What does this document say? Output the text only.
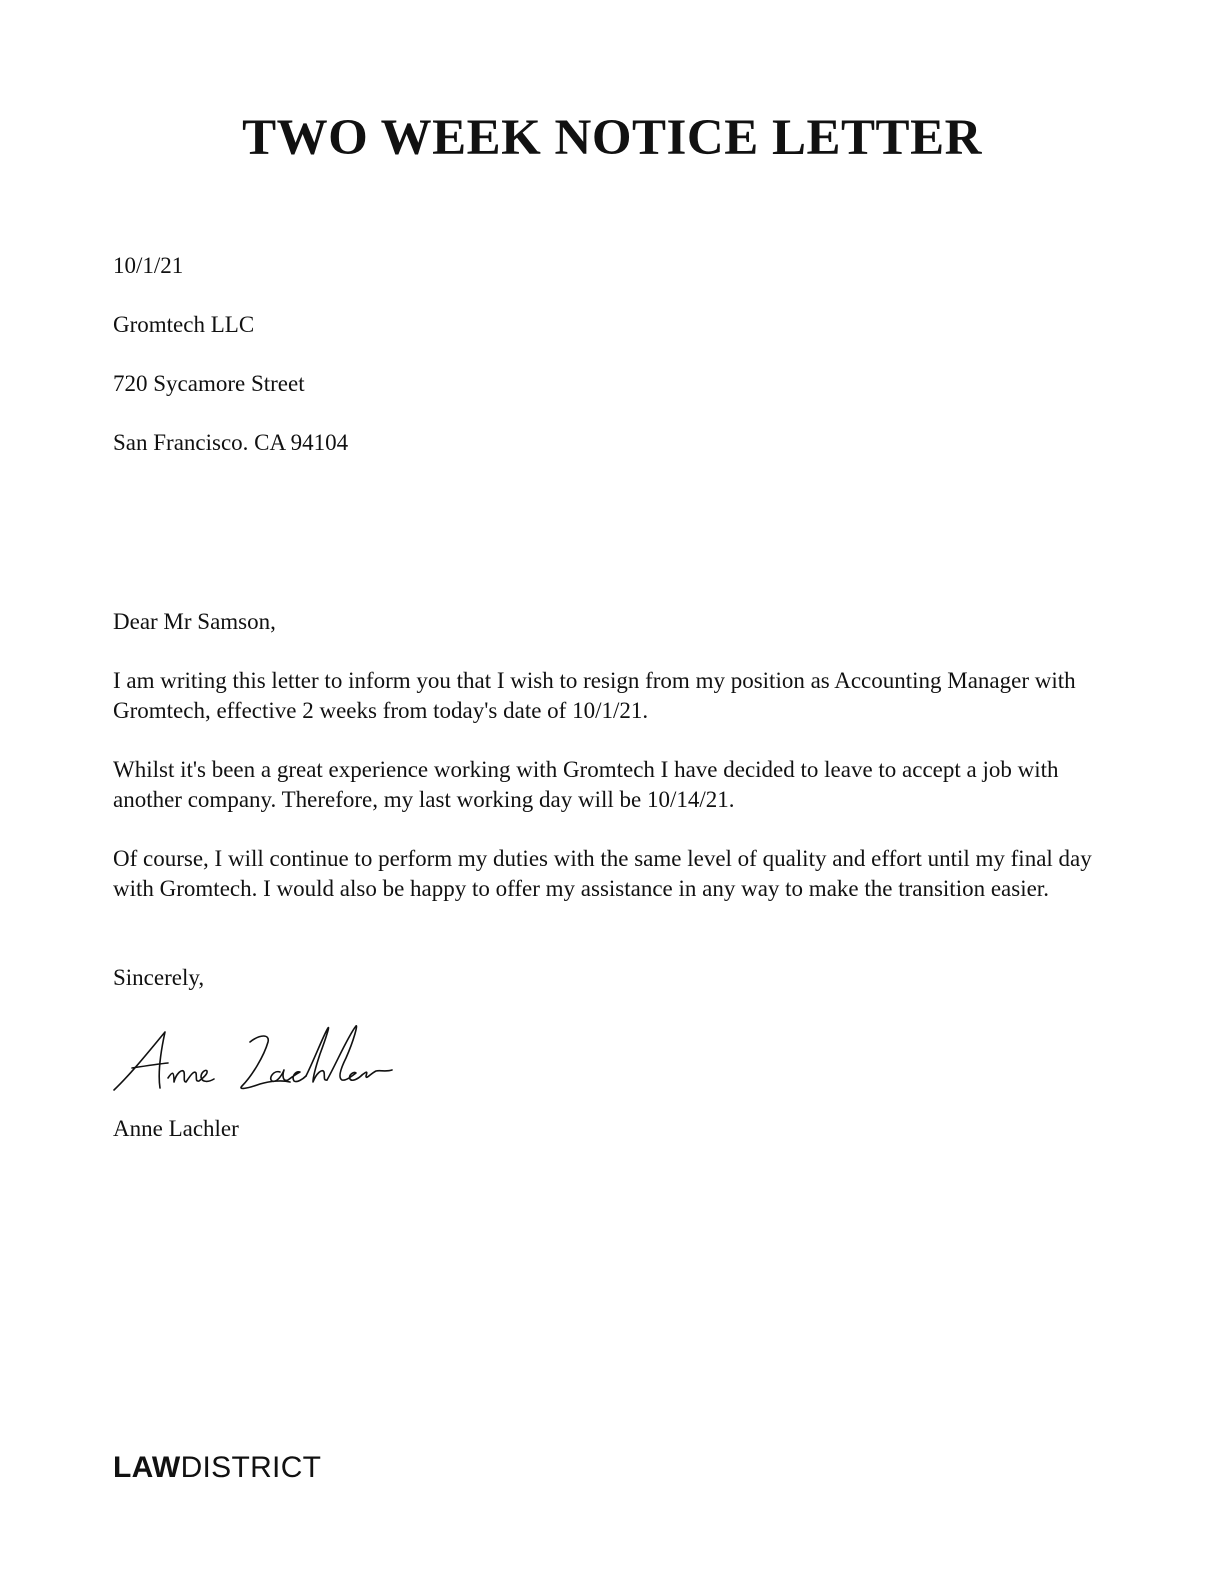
TWO WEEK NOTICE LETTER

10/1/21

Gromtech LLC

720 Sycamore Street

San Francisco. CA 94104

Dear Mr Samson,

I am writing this letter to inform you that I wish to resign from my position as Accounting Manager with Gromtech, effective 2 weeks from today's date of 10/1/21.

Whilst it's been a great experience working with Gromtech I have decided to leave to accept a job with another company. Therefore, my last working day will be 10/14/21.

Of course, I will continue to perform my duties with the same level of quality and effort until my final day with Gromtech. I would also be happy to offer my assistance in any way to make the transition easier.

Sincerely,

Anne Lachler

LAWDISTRICT
